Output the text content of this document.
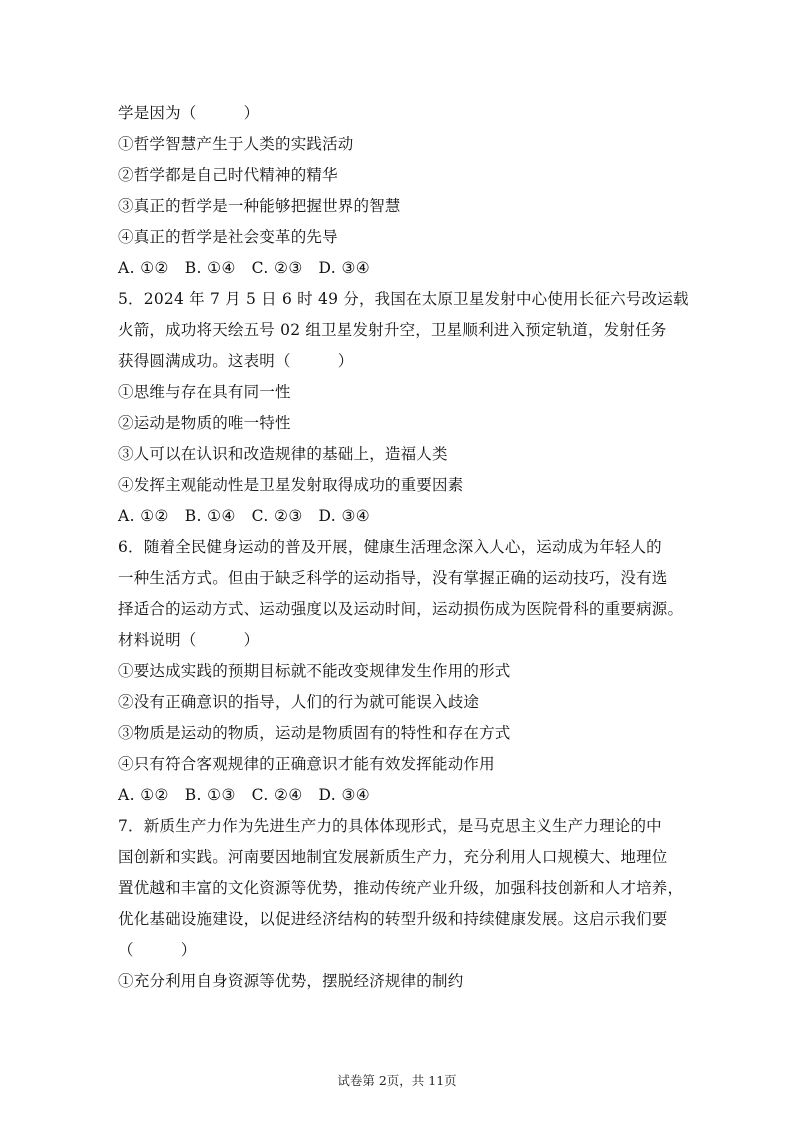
学是因为（　　　）
①哲学智慧产生于人类的实践活动
②哲学都是自己时代精神的精华
③真正的哲学是一种能够把握世界的智慧
④真正的哲学是社会变革的先导
A. ①②　B. ①④　C. ②③　D. ③④
5．2024 年 7 月 5 日 6 时 49 分，我国在太原卫星发射中心使用长征六号改运载
火箭，成功将天绘五号 02 组卫星发射升空，卫星顺利进入预定轨道，发射任务
获得圆满成功。这表明（　　　）
①思维与存在具有同一性
②运动是物质的唯一特性
③人可以在认识和改造规律的基础上，造福人类
④发挥主观能动性是卫星发射取得成功的重要因素
A. ①②　B. ①④　C. ②③　D. ③④
6．随着全民健身运动的普及开展，健康生活理念深入人心，运动成为年轻人的
一种生活方式。但由于缺乏科学的运动指导，没有掌握正确的运动技巧，没有选
择适合的运动方式、运动强度以及运动时间，运动损伤成为医院骨科的重要病源。
材料说明（　　　）
①要达成实践的预期目标就不能改变规律发生作用的形式
②没有正确意识的指导，人们的行为就可能误入歧途
③物质是运动的物质，运动是物质固有的特性和存在方式
④只有符合客观规律的正确意识才能有效发挥能动作用
A. ①②　B. ①③　C. ②④　D. ③④
7．新质生产力作为先进生产力的具体体现形式，是马克思主义生产力理论的中
国创新和实践。河南要因地制宜发展新质生产力，充分利用人口规模大、地理位
置优越和丰富的文化资源等优势，推动传统产业升级，加强科技创新和人才培养，
优化基础设施建设，以促进经济结构的转型升级和持续健康发展。这启示我们要
（　　　）
①充分利用自身资源等优势，摆脱经济规律的制约
试卷第 2页，共 11页
